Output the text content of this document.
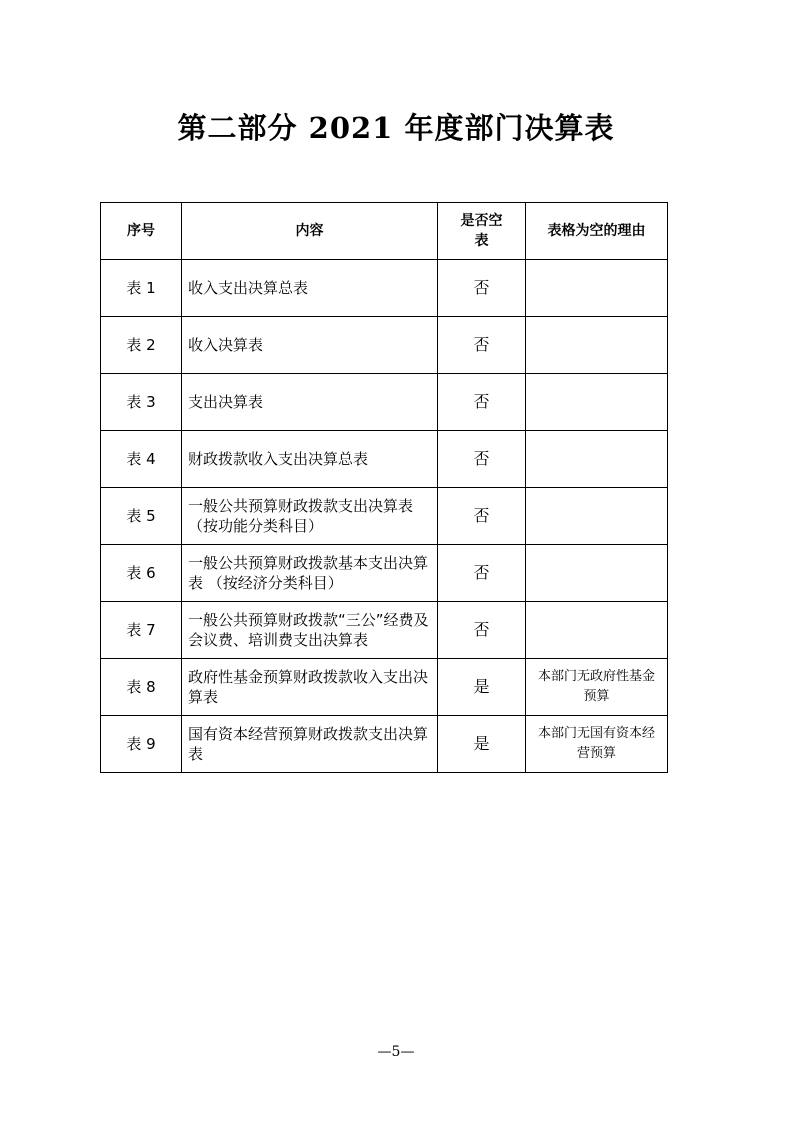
第二部分 2021 年度部门决算表
序号	内容	是否空表	表格为空的理由
表 1	收入支出决算总表	否	
表 2	收入决算表	否	
表 3	支出决算表	否	
表 4	财政拨款收入支出决算总表	否	
表 5	一般公共预算财政拨款支出决算表（按功能分类科目）	否	
表 6	一般公共预算财政拨款基本支出决算表 （按经济分类科目）	否	
表 7	一般公共预算财政拨款“三公”经费及会议费、培训费支出决算表	否	
表 8	政府性基金预算财政拨款收入支出决算表	是	本部门无政府性基金预算
表 9	国有资本经营预算财政拨款支出决算表	是	本部门无国有资本经营预算
—5—
